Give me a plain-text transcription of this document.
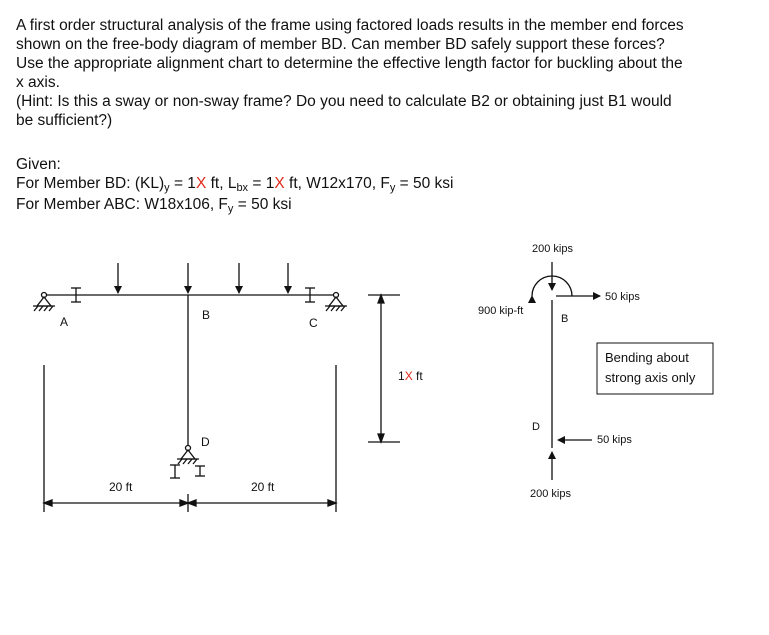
A first order structural analysis of the frame using factored loads results in the member end forces
shown on the free-body diagram of member BD. Can member BD safely support these forces?
Use the appropriate alignment chart to determine the effective length factor for buckling about the
x axis.
(Hint: Is this a sway or non-sway frame? Do you need to calculate B2 or obtaining just B1 would
be sufficient?)

Given:
For Member BD: (KL)y = 1X ft, Lbx = 1X ft, W12x170, Fy = 50 ksi
For Member ABC: W18x106, Fy = 50 ksi

A	B
C
D
20 ft	20 ft
1X ft
200 kips
900 kip-ft
50 kips
B
D
50 kips
200 kips
Bending about
strong axis only
